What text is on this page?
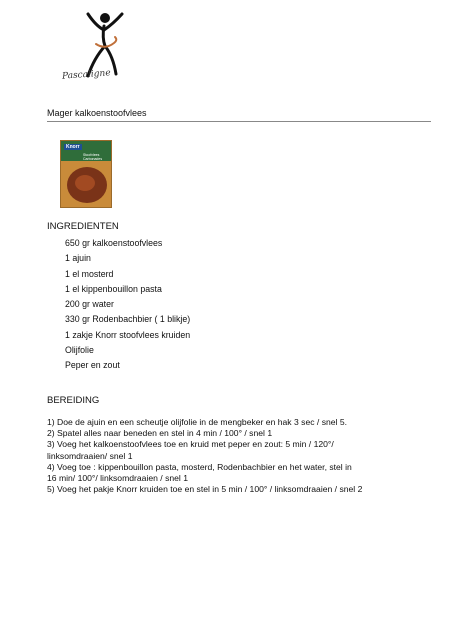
Pascaligne
Mager kalkoenstoofvlees
Knorr
Stoofvlees Carbonades
INGREDIENTEN
650 gr kalkoenstoofvlees
1 ajuin
1 el mosterd
1 el kippenbouillon pasta
200 gr water
330 gr Rodenbachbier ( 1 blikje)
1 zakje Knorr stoofvlees kruiden
Olijfolie
Peper en zout
BEREIDING
1) Doe de ajuin en een scheutje olijfolie in de mengbeker en hak 3 sec / snel 5.
2) Spatel alles naar beneden en stel in 4 min / 100° / snel 1
3) Voeg het kalkoenstoofvlees toe en kruid met peper en zout: 5 min / 120°/
linksomdraaien/ snel 1
4) Voeg toe : kippenbouillon pasta, mosterd, Rodenbachbier en het water, stel in
16 min/ 100°/ linksomdraaien / snel 1
5) Voeg het pakje Knorr kruiden toe en stel in 5 min / 100° / linksomdraaien / snel 2
